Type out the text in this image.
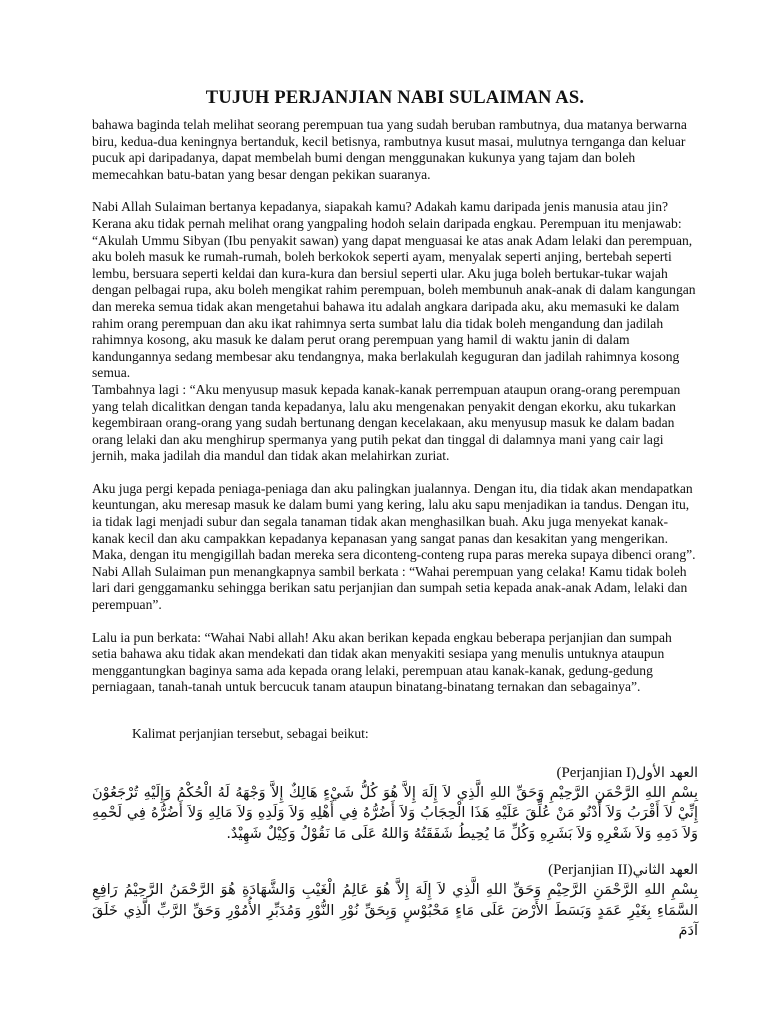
TUJUH PERJANJIAN NABI SULAIMAN AS.

bahawa baginda telah melihat seorang perempuan tua yang sudah beruban rambutnya, dua matanya berwarna biru, kedua-dua keningnya bertanduk, kecil betisnya, rambutnya kusut masai, mulutnya ternganga dan keluar pucuk api daripadanya, dapat membelah bumi dengan menggunakan kukunya yang tajam dan boleh memecahkan batu-batan yang besar dengan pekikan suaranya.

Nabi Allah Sulaiman bertanya kepadanya, siapakah kamu? Adakah kamu daripada jenis manusia atau jin? Kerana aku tidak pernah melihat orang yangpaling hodoh selain daripada engkau. Perempuan itu menjawab: “Akulah Ummu Sibyan (Ibu penyakit sawan) yang dapat menguasai ke atas anak Adam lelaki dan perempuan, aku boleh masuk ke rumah-rumah, boleh berkokok seperti ayam, menyalak seperti anjing, bertebah seperti lembu, bersuara seperti keldai dan kura-kura dan bersiul seperti ular. Aku juga boleh bertukar-tukar wajah dengan pelbagai rupa, aku boleh mengikat rahim perempuan, boleh membunuh anak-anak di dalam kangungan dan mereka semua tidak akan mengetahui bahawa itu adalah angkara daripada aku, aku memasuki ke dalam rahim orang perempuan dan aku ikat rahimnya serta sumbat lalu dia tidak boleh mengandung dan jadilah rahimnya kosong, aku masuk ke dalam perut orang perempuan yang hamil di waktu janin di dalam kandungannya sedang membesar aku tendangnya, maka berlakulah keguguran dan jadilah rahimnya kosong semua.

Tambahnya lagi : “Aku menyusup masuk kepada kanak-kanak perrempuan ataupun orang-orang perempuan yang telah dicalitkan dengan tanda kepadanya, lalu aku mengenakan penyakit dengan ekorku, aku tukarkan kegembiraan orang-orang yang sudah bertunang dengan kecelakaan, aku menyusup masuk ke dalam badan orang lelaki dan aku menghirup spermanya yang putih pekat dan tinggal di dalamnya mani yang cair lagi jernih, maka jadilah dia mandul dan tidak akan melahirkan zuriat.

Aku juga pergi kepada peniaga-peniaga dan aku palingkan jualannya. Dengan itu, dia tidak akan mendapatkan keuntungan, aku meresap masuk ke dalam bumi yang kering, lalu aku sapu menjadikan ia tandus. Dengan itu, ia tidak lagi menjadi subur dan segala tanaman tidak akan menghasilkan buah. Aku juga menyekat kanak-kanak kecil dan aku campakkan kepadanya kepanasan yang sangat panas dan kesakitan yang mengerikan. Maka, dengan itu mengigillah badan mereka sera diconteng-conteng rupa paras mereka supaya dibenci orang”.

Nabi Allah Sulaiman pun menangkapnya sambil berkata : “Wahai perempuan yang celaka! Kamu tidak boleh lari dari genggamanku sehingga berikan satu perjanjian dan sumpah setia kepada anak-anak Adam, lelaki dan perempuan”.

Lalu ia pun berkata: “Wahai Nabi allah! Aku akan berikan kepada engkau beberapa perjanjian dan sumpah setia bahawa aku tidak akan mendekati dan tidak akan menyakiti sesiapa yang menulis untuknya ataupun menggantungkan baginya sama ada kepada orang lelaki, perempuan atau kanak-kanak, gedung-gedung perniagaan, tanah-tanah untuk bercucuk tanam ataupun binatang-binatang ternakan dan sebagainya”.

Kalimat perjanjian tersebut, sebagai beikut:

العهد الأول(Perjanjian I)

بِسْمِ اللهِ الرَّحْمَنِ الرَّحِيْمِ وَحَقِّ اللهِ الَّذِي لاَ إِلَهَ إِلاَّ هُوَ كُلُّ شَيْءٍ هَالِكٌ إِلاَّ وَجْهَهُ لَهُ الْحُكْمُ وَإِلَيْهِ تُرْجَعُوْنَ إِنِّيْ لاَ أَقْرَبُ وَلاَ أَدْنُو مَنْ عُلِّقَ عَلَيْهِ هَذَا الْحِجَابُ وَلاَ أَضُرُّهُ فِي أَهْلِهِ وَلاَ وَلَدِهِ وَلاَ مَالِهِ وَلاَ أَضُرُّهُ فِي لَحْمِهِ وَلاَ دَمِهِ وَلاَ شَعْرِهِ وَلاَ بَشَرِهِ وَكُلِّ مَا يُحِيطُ شَفَقَتُهُ وَاللهُ عَلَى مَا نَقُوْلُ وَكِيْلٌ شَهِيْدٌ.

العهد الثاني(Perjanjian II)

بِسْمِ اللهِ الرَّحْمَنِ الرَّحِيْمِ وَحَقِّ اللهِ الَّذِي لاَ إِلَهَ إِلاَّ هُوَ عَالِمُ الْغَيْبِ وَالشَّهَادَةِ هُوَ الرَّحْمَنُ الرَّحِيْمُ رَافِعِ السَّمَاءِ بِغَيْرِ عَمَدٍ وَبَسَطَ الأَرْضَ عَلَى مَاءٍ مَحْبُوْسٍ وَبِحَقِّ نُوْرِ النُّوْرِ وَمُدَبِّرِ الأُمُوْرِ وَحَقِّ الرَّبِّ الَّذِي خَلَقَ آدَمَ
